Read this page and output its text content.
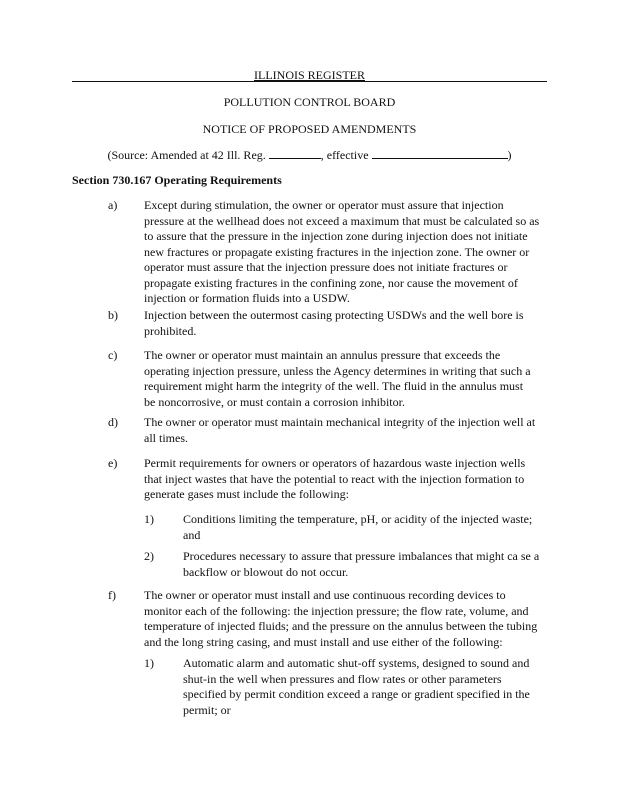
ILLINOIS REGISTER
POLLUTION CONTROL BOARD
NOTICE OF PROPOSED AMENDMENTS
(Source: Amended at 42 Ill. Reg.	, effective	)
Section 730.167 Operating Requirements
a) Except during stimulation, the owner or operator must assure that injection
pressure at the wellhead does not exceed a maximum that must be calculated so as
to assure that the pressure in the injection zone during injection does not initiate
new fractures or propagate existing fractures in the injection zone. The owner or
operator must assure that the injection pressure does not initiate fractures or
propagate existing fractures in the confining zone, nor cause the movement of
injection or formation fluids into a USDW.
b) Injection between the outermost casing protecting USDWs and the well bore is
prohibited.
c) The owner or operator must maintain an annulus pressure that exceeds the
operating injection pressure, unless the Agency determines in writing that such a
requirement might harm the integrity of the well. The fluid in the annulus must
be noncorrosive, or must contain a corrosion inhibitor.
d) The owner or operator must maintain mechanical integrity of the injection well at
all times.
e) Permit requirements for owners or operators of hazardous waste injection wells
that inject wastes that have the potential to react with the injection formation to
generate gases must include the following:
1) Conditions limiting the temperature, pH, or acidity of the injected waste;
and
2) Procedures necessary to assure that pressure imbalances that might ca se a
backflow or blowout do not occur.
f) The owner or operator must install and use continuous recording devices to
monitor each of the following: the injection pressure; the flow rate, volume, and
temperature of injected fluids; and the pressure on the annulus between the tubing
and the long string casing, and must install and use either of the following:
1) Automatic alarm and automatic shut-off systems, designed to sound and
shut-in the well when pressures and flow rates or other parameters
specified by permit condition exceed a range or gradient specified in the
permit; or
